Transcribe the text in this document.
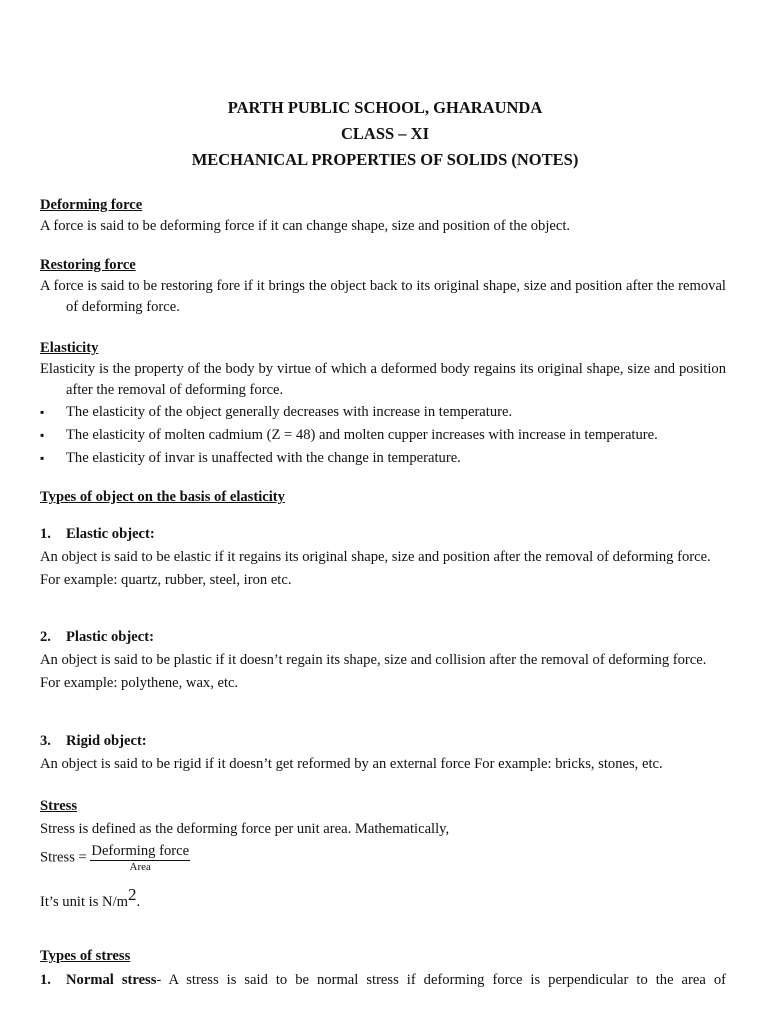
PARTH PUBLIC SCHOOL, GHARAUNDA
CLASS – XI
MECHANICAL PROPERTIES OF SOLIDS (NOTES)
Deforming force
A force is said to be deforming force if it can change shape, size and position of the object.
Restoring force
A force is said to be restoring fore if it brings the object back to its original shape, size and position after the removal of deforming force.
Elasticity
Elasticity is the property of the body by virtue of which a deformed body regains its original shape, size and position after the removal of deforming force.
▪ The elasticity of the object generally decreases with increase in temperature.
▪ The elasticity of molten cadmium (Z = 48) and molten cupper increases with increase in temperature.
▪ The elasticity of invar is unaffected with the change in temperature.
Types of object on the basis of elasticity
1. Elastic object:
An object is said to be elastic if it regains its original shape, size and position after the removal of deforming force.
For example: quartz, rubber, steel, iron etc.
2. Plastic object:
An object is said to be plastic if it doesn’t regain its shape, size and collision after the removal of deforming force.
For example: polythene, wax, etc.
3. Rigid object:
An object is said to be rigid if it doesn’t get reformed by an external force For example: bricks, stones, etc.
Stress
Stress is defined as the deforming force per unit area. Mathematically,
Stress = $\frac{\text{Deforming force}}{\text{Area}}$
It’s unit is $N/m^2$.
Types of stress
1. Normal stress- A stress is said to be normal stress if deforming force is perpendicular to the area of
